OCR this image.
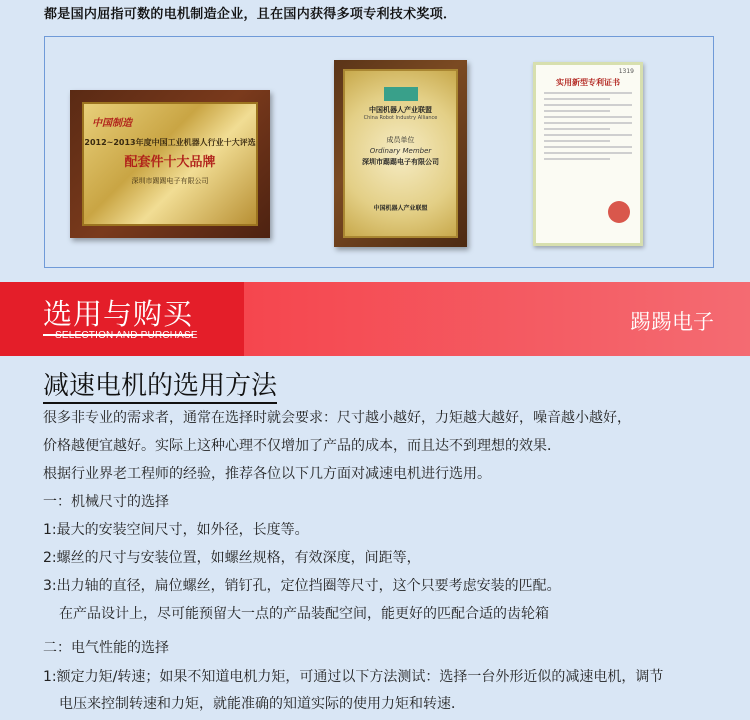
都是国内屈指可数的电机制造企业，且在国内获得多项专利技术奖项．
中国制造
2012~2013年度中国工业机器人行业十大评选
配套件十大品牌
深圳市踢踢电子有限公司
中国机器人产业联盟
China Robot Industry Alliance
成员单位
Ordinary Member
深圳市踢踢电子有限公司
中国机器人产业联盟
1319
实用新型专利证书
选用与购买
SELECTION AND PURCHASE
踢踢电子
减速电机的选用方法
很多非专业的需求者，通常在选择时就会要求：尺寸越小越好，力矩越大越好，噪音越小越好，
价格越便宜越好。实际上这种心理不仅增加了产品的成本，而且达不到理想的效果．
根据行业界老工程师的经验，推荐各位以下几方面对减速电机进行选用。
一：机械尺寸的选择
1:最大的安装空间尺寸，如外径，长度等。
2:螺丝的尺寸与安装位置，如螺丝规格，有效深度，间距等，
3:出力轴的直径，扁位螺丝，销钉孔，定位挡圈等尺寸，这个只要考虑安装的匹配。
在产品设计上，尽可能预留大一点的产品装配空间，能更好的匹配合适的齿轮箱
二：电气性能的选择
1:额定力矩/转速；如果不知道电机力矩，可通过以下方法测试：选择一台外形近似的减速电机，调节
电压来控制转速和力矩，就能准确的知道实际的使用力矩和转速．
